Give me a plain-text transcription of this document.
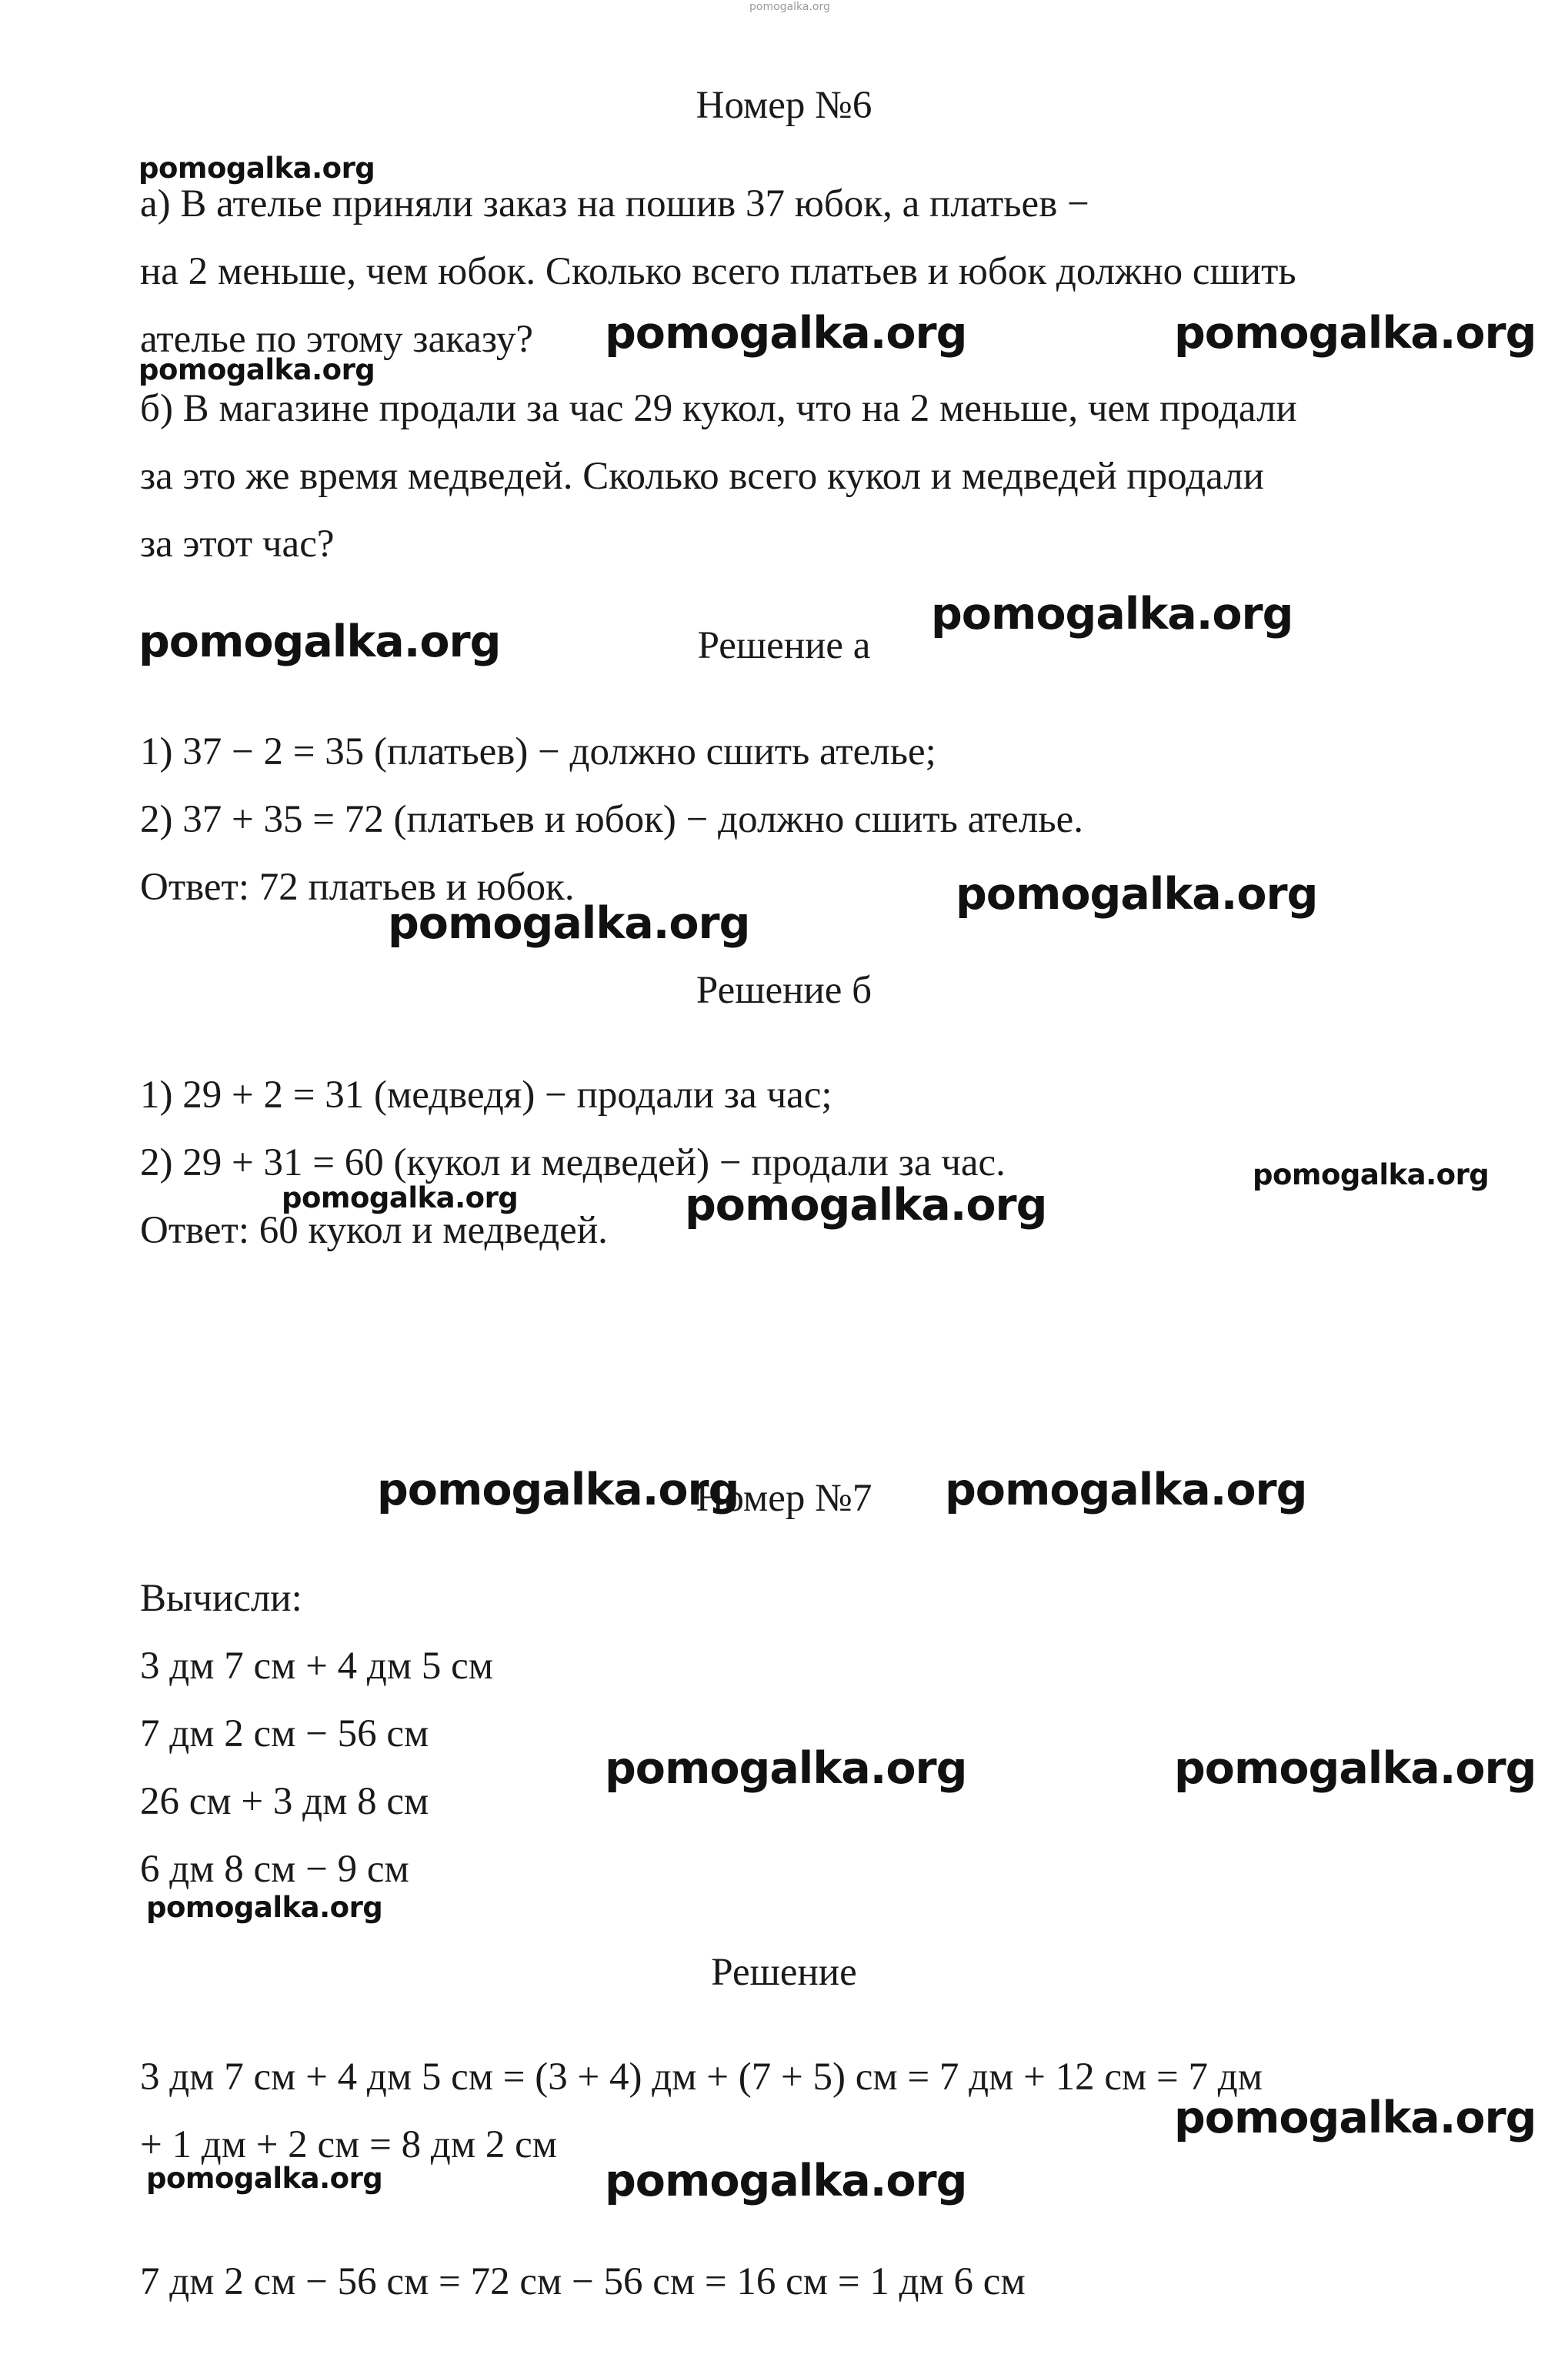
pomogalka.org
Номер №6
а) В ателье приняли заказ на пошив 37 юбок, а платьев −
на 2 меньше, чем юбок. Сколько всего платьев и юбок должно сшить
ателье по этому заказу?
б) В магазине продали за час 29 кукол, что на 2 меньше, чем продали
за это же время медведей. Сколько всего кукол и медведей продали
за этот час?
Решение а
1) 37 − 2 = 35 (платьев) − должно сшить ателье;
2) 37 + 35 = 72 (платьев и юбок) − должно сшить ателье.
Ответ: 72 платьев и юбок.
Решение б
1) 29 + 2 = 31 (медведя) − продали за час;
2) 29 + 31 = 60 (кукол и медведей) − продали за час.
Ответ: 60 кукол и медведей.
Номер №7
Вычисли:
3 дм 7 см + 4 дм 5 см
7 дм 2 см − 56 см
26 см + 3 дм 8 см
6 дм 8 см − 9 см
Решение
3 дм 7 см + 4 дм 5 см = (3 + 4) дм + (7 + 5) см = 7 дм + 12 см = 7 дм
+ 1 дм + 2 см = 8 дм 2 см
7 дм 2 см − 56 см = 72 см − 56 см = 16 см = 1 дм 6 см
pomogalka.org
pomogalka.org	pomogalka.org
pomogalka.org
pomogalka.org
pomogalka.org
pomogalka.org
pomogalka.org
pomogalka.org
pomogalka.org	pomogalka.org
pomogalka.org	pomogalka.org
pomogalka.org	pomogalka.org
pomogalka.org
pomogalka.org
pomogalka.org	pomogalka.org
